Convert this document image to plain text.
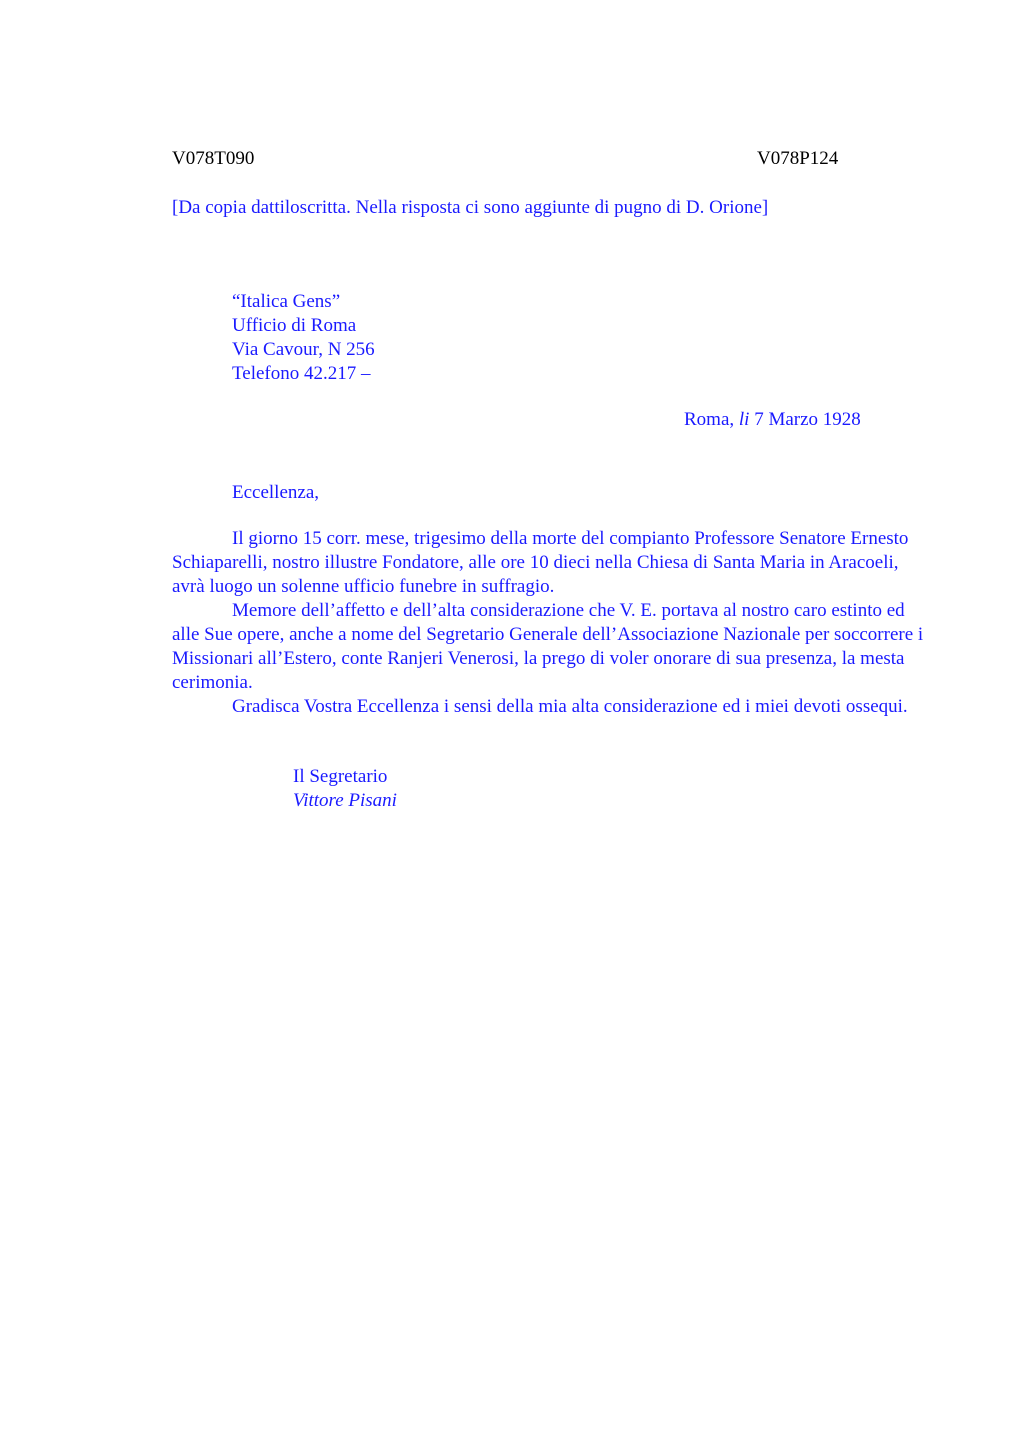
V078T090	V078P124
[Da copia dattiloscritta. Nella risposta ci sono aggiunte di pugno di D. Orione]
“Italica Gens”
Ufficio di Roma
Via Cavour, N 256
Telefono 42.217 –
Roma, li 7 Marzo 1928
Eccellenza,

Il giorno 15 corr. mese, trigesimo della morte del compianto Professore Senatore Ernesto Schiaparelli, nostro illustre Fondatore, alle ore 10 dieci nella Chiesa di Santa Maria in Aracoeli, avrà luogo un solenne ufficio funebre in suffragio.

Memore dell’affetto e dell’alta considerazione che V. E. portava al nostro caro estinto ed alle Sue opere, anche a nome del Segretario Generale dell’Associazione Nazionale per soccorrere i Missionari all’Estero, conte Ranjeri Venerosi, la prego di voler onorare di sua presenza, la mesta cerimonia.

Gradisca Vostra Eccellenza i sensi della mia alta considerazione ed i miei devoti ossequi.

Il Segretario
Vittore Pisani
